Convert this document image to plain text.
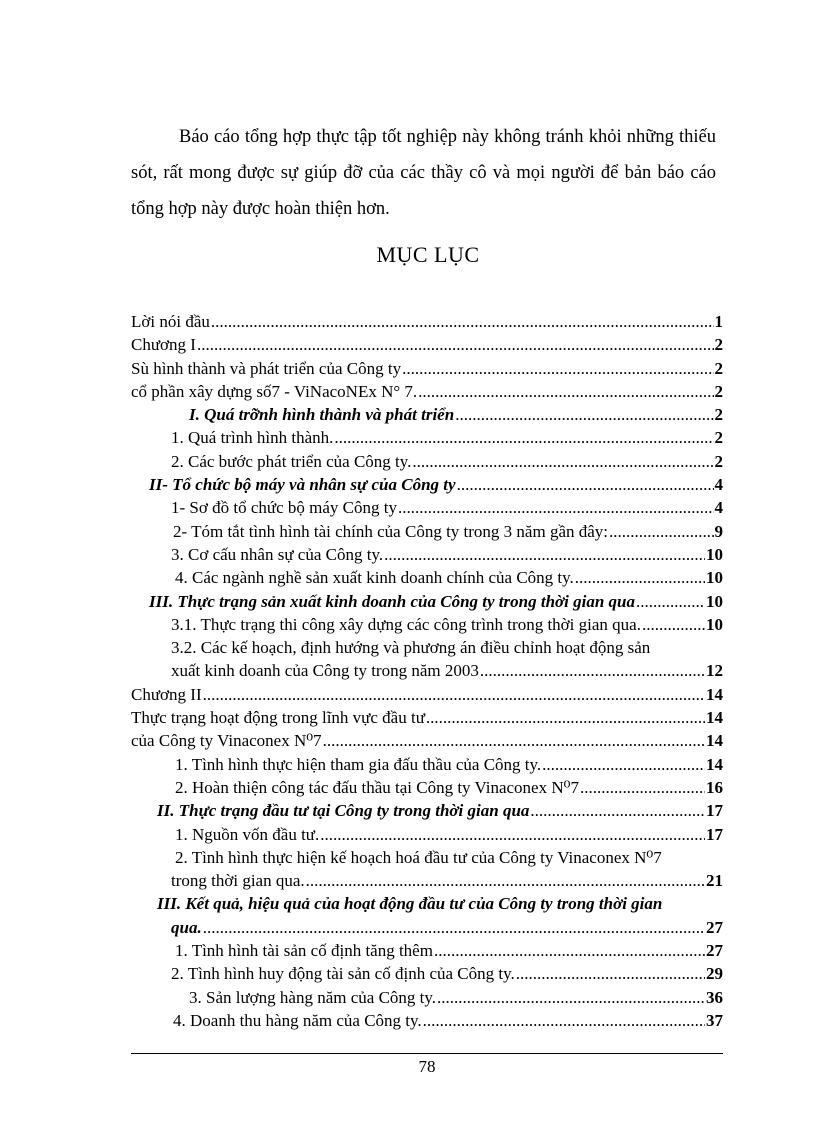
Báo cáo tổng hợp thực tập tốt nghiệp này không tránh khỏi những thiếu sót, rất mong được sự giúp đỡ của các thầy cô và mọi người để bản báo cáo tổng hợp này được hoàn thiện hơn.

MỤC LỤC
Lời nói đầu .....	1
Chương I .....	2
Sù hình thành và phát triển của Công ty .....	2
cổ phần xây dựng số7 - ViNacoNEx N° 7. .....	2
I. Quá trỡnh hình thành và phát triển .....	2
1. Quá trình hình thành. .....	2
2. Các bước phát triển của Công ty. .....	2
II- Tổ chức bộ máy và nhân sự của Công ty .....	4
1- Sơ đồ tổ chức bộ máy Công ty .....	4
2- Tóm tắt tình hình tài chính của Công ty trong 3 năm gần đây: .....	9
3. Cơ cấu nhân sự của Công ty. .....	10
4. Các ngành nghề sản xuất kinh doanh chính của Công ty. .....	10
III. Thực trạng sản xuất kinh doanh của Công ty trong thời gian qua .....	10
3.1. Thực trạng thi công xây dựng các công trình trong thời gian qua. .....	10
3.2. Các kế hoạch, định hướng và phương án điều chỉnh hoạt động sản
xuất kinh doanh của Công ty trong năm 2003 .....	12
Chương II .....	14
Thực trạng hoạt động trong lĩnh vực đầu tư .....	14
của Công ty Vinaconex N⁰7 .....	14
1. Tình hình thực hiện tham gia đấu thầu của Công ty. .....	14
2. Hoàn thiện công tác đấu thầu tại Công ty Vinaconex N⁰7 .....	16
II. Thực trạng đầu tư tại Công ty trong thời gian qua .....	17
1. Nguồn vốn đầu tư. .....	17
2. Tình hình thực hiện kế hoạch hoá đầu tư của Công ty Vinaconex N⁰7
trong thời gian qua. .....	21
III. Kết quả, hiệu quả của hoạt động đầu tư của Công ty trong thời gian
qua. .....	27
1. Tình hình tài sản cố định tăng thêm .....	27
2. Tình hình huy động tài sản cố định của Công ty. .....	29
3. Sản lượng hàng năm của Công ty. .....	36
4. Doanh thu hàng năm của Công ty. .....	37
78
